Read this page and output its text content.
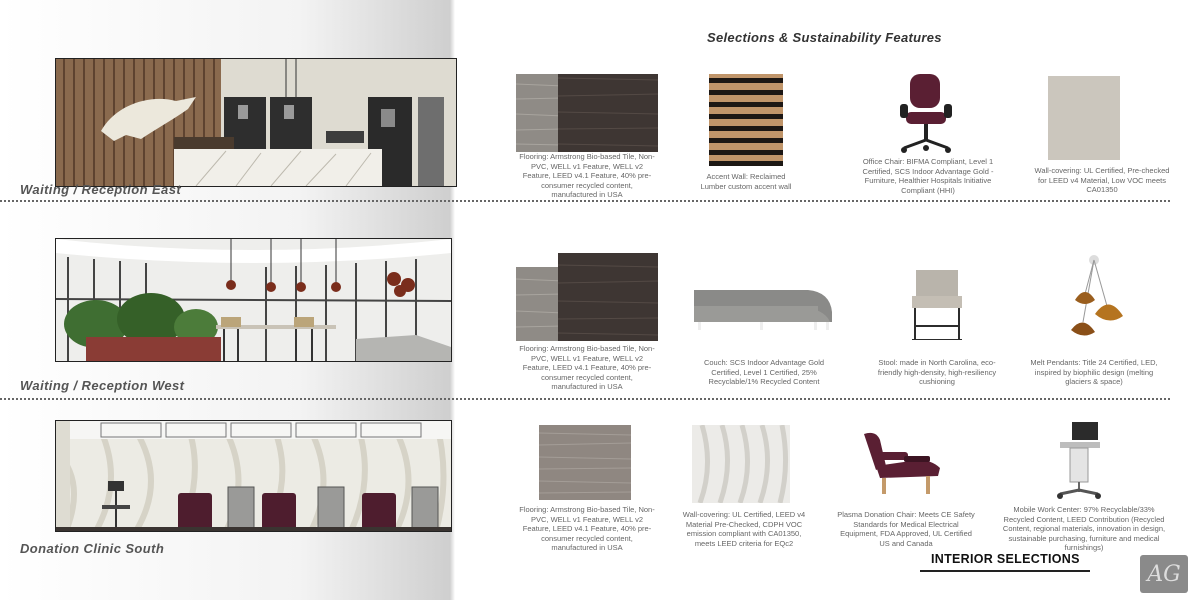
Selections & Sustainability Features
Waiting / Reception East
Flooring: Armstrong Bio-based Tile, Non-PVC, WELL v1 Feature, WELL v2 Feature, LEED v4.1 Feature, 40% pre-consumer recycled content, manufactured in USA
Accent Wall: Reclaimed Lumber custom accent wall
Office Chair: BIFMA Compliant, Level 1 Certified, SCS Indoor Advantage Gold - Furniture, Healthier Hospitals Initiative Compliant (HHI)
Wall-covering: UL Certified, Pre-checked for LEED v4 Material, Low VOC meets CA01350
Waiting / Reception West
Flooring: Armstrong Bio-based Tile, Non-PVC, WELL v1 Feature, WELL v2 Feature, LEED v4.1 Feature, 40% pre-consumer recycled content, manufactured in USA
Couch: SCS Indoor Advantage Gold Certified, Level 1 Certified, 25% Recyclable/1% Recycled Content
Stool: made in North Carolina, eco-friendly high-density, high-resiliency cushioning
Melt Pendants: Title 24 Certified, LED, inspired by biophilic design (melting glaciers & space)
Donation Clinic South
Flooring: Armstrong Bio-based Tile, Non-PVC, WELL v1 Feature, WELL v2 Feature, LEED v4.1 Feature, 40% pre-consumer recycled content, manufactured in USA
Wall-covering: UL Certified, LEED v4 Material Pre-Checked, CDPH VOC emission compliant with CA01350, meets LEED criteria for EQc2
Plasma Donation Chair: Meets CE Safety Standards for Medical Electrical Equipment, FDA Approved, UL Certified US and Canada
Mobile Work Center: 97% Recyclable/33% Recycled Content, LEED Contribution (Recycled Content, regional materials, innovation in design, sustainable purchasing, furniture and medical furnishings)
INTERIOR SELECTIONS
AG
